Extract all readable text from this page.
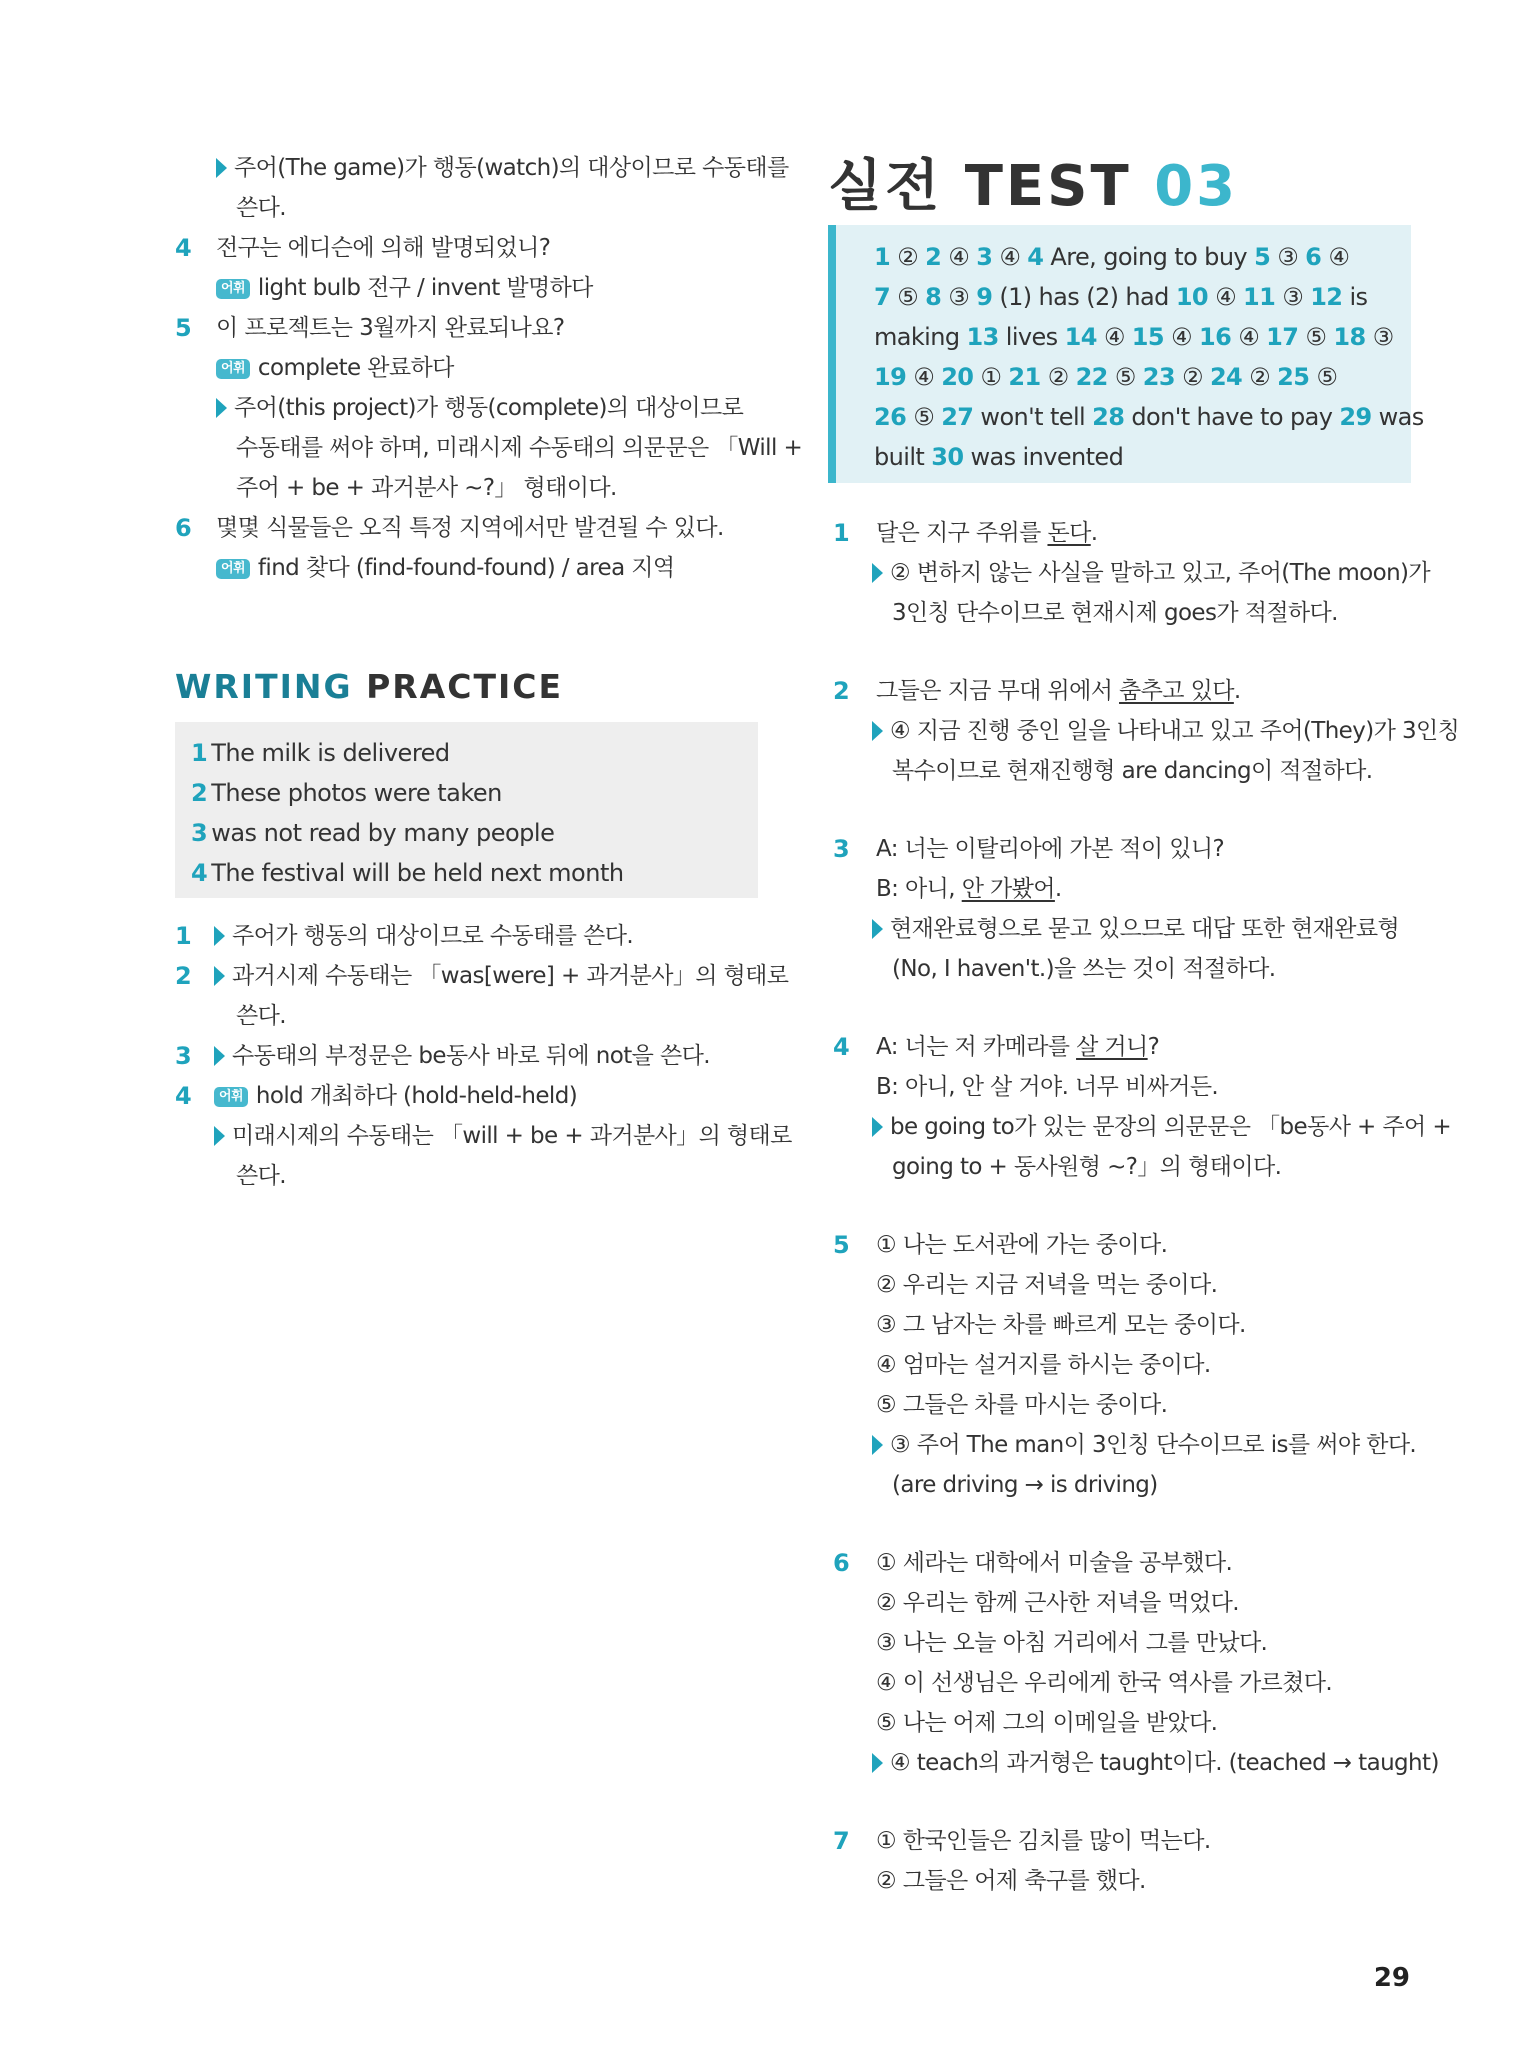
주어(The game)가 행동(watch)의 대상이므로 수동태를
쓴다.
4 전구는 에디슨에 의해 발명되었니?
어휘 light bulb 전구 / invent 발명하다
5 이 프로젝트는 3월까지 완료되나요?
어휘 complete 완료하다
주어(this project)가 행동(complete)의 대상이므로
수동태를 써야 하며, 미래시제 수동태의 의문문은 「Will +
주어 + be + 과거분사 ~?」 형태이다.
6 몇몇 식물들은 오직 특정 지역에서만 발견될 수 있다.
어휘 find 찾다 (find-found-found) / area 지역
WRITING PRACTICE
1 The milk is delivered
2 These photos were taken
3 was not read by many people
4 The festival will be held next month
1	주어가 행동의 대상이므로 수동태를 쓴다.
2	과거시제 수동태는 「was[were] + 과거분사」의 형태로
쓴다.
3	수동태의 부정문은 be동사 바로 뒤에 not을 쓴다.
4	어휘 hold 개최하다 (hold-held-held)
미래시제의 수동태는 「will + be + 과거분사」의 형태로
쓴다.
실전 TEST 03
1 ② 2 ④ 3 ④ 4 Are, going to buy 5 ③ 6 ④
7 ⑤ 8 ③ 9 (1) has (2) had 10 ④ 11 ③ 12 is
making 13 lives 14 ④ 15 ④ 16 ④ 17 ⑤ 18 ③
19 ④ 20 ① 21 ② 22 ⑤ 23 ② 24 ② 25 ⑤
26 ⑤ 27 won't tell 28 don't have to pay 29 was
built 30 was invented
1 달은 지구 주위를 돈다.
② 변하지 않는 사실을 말하고 있고, 주어(The moon)가
3인칭 단수이므로 현재시제 goes가 적절하다.
2 그들은 지금 무대 위에서 춤추고 있다.
④ 지금 진행 중인 일을 나타내고 있고 주어(They)가 3인칭
복수이므로 현재진행형 are dancing이 적절하다.
3 A: 너는 이탈리아에 가본 적이 있니?
B: 아니, 안 가봤어.
현재완료형으로 묻고 있으므로 대답 또한 현재완료형
(No, I haven't.)을 쓰는 것이 적절하다.
4 A: 너는 저 카메라를 살 거니?
B: 아니, 안 살 거야. 너무 비싸거든.
be going to가 있는 문장의 의문문은 「be동사 + 주어 +
going to + 동사원형 ~?」의 형태이다.
5 ① 나는 도서관에 가는 중이다.
② 우리는 지금 저녁을 먹는 중이다.
③ 그 남자는 차를 빠르게 모는 중이다.
④ 엄마는 설거지를 하시는 중이다.
⑤ 그들은 차를 마시는 중이다.
③ 주어 The man이 3인칭 단수이므로 is를 써야 한다.
(are driving → is driving)
6 ① 세라는 대학에서 미술을 공부했다.
② 우리는 함께 근사한 저녁을 먹었다.
③ 나는 오늘 아침 거리에서 그를 만났다.
④ 이 선생님은 우리에게 한국 역사를 가르쳤다.
⑤ 나는 어제 그의 이메일을 받았다.
④ teach의 과거형은 taught이다. (teached → taught)
7 ① 한국인들은 김치를 많이 먹는다.
② 그들은 어제 축구를 했다.
29
